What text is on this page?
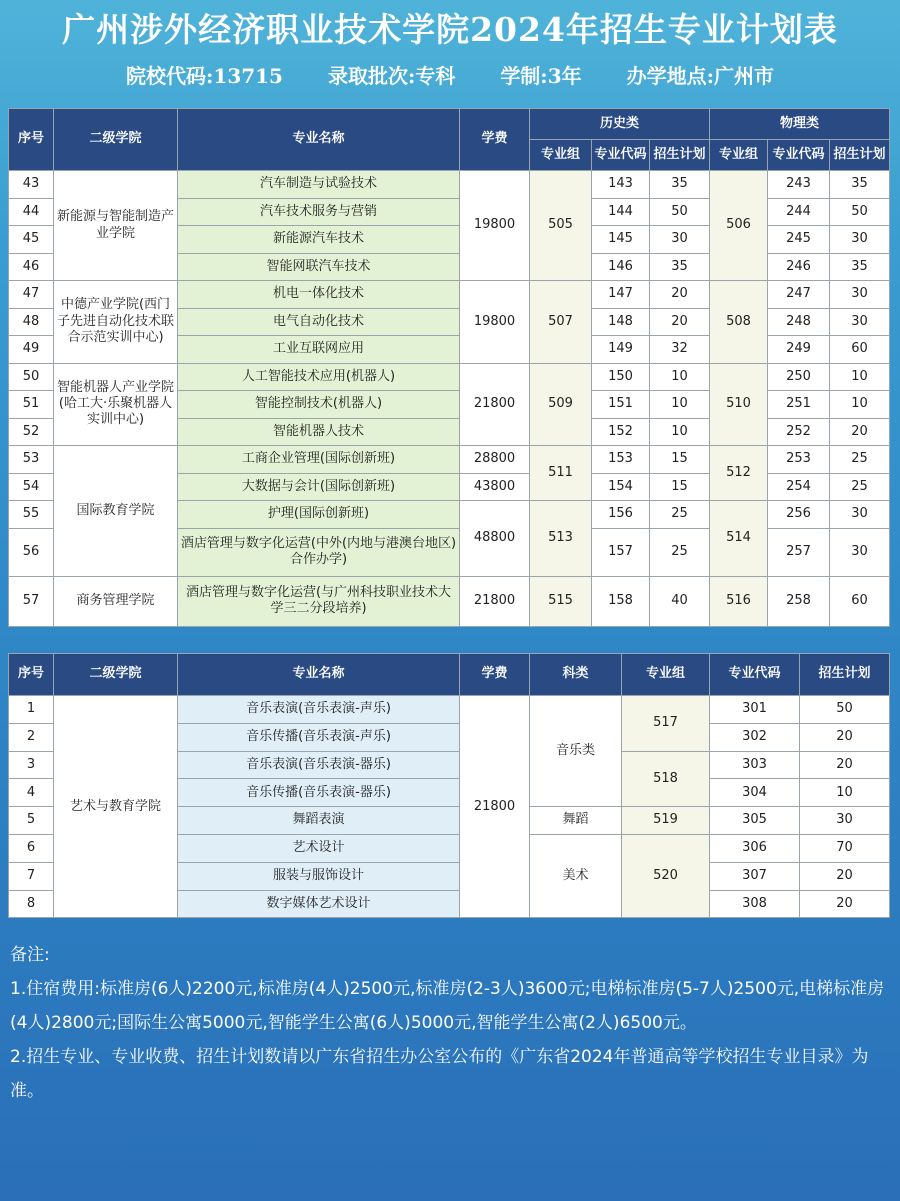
广州涉外经济职业技术学院2024年招生专业计划表
院校代码:13715 录取批次:专科 学制:3年 办学地点:广州市
序号	二级学院	专业名称	学费	历史类			物理类		
				专业组	专业代码	招生计划	专业组	专业代码	招生计划
43	新能源与智能制造产业学院	汽车制造与试验技术	19800	505	143	35	506	243	35
44		汽车技术服务与营销			144	50		244	50
45		新能源汽车技术			145	30		245	30
46		智能网联汽车技术			146	35		246	35
47	中德产业学院(西门子先进自动化技术联合示范实训中心)	机电一体化技术	19800	507	147	20	508	247	30
48		电气自动化技术			148	20		248	30
49		工业互联网应用			149	32		249	60
50	智能机器人产业学院(哈工大·乐聚机器人实训中心)	人工智能技术应用(机器人)	21800	509	150	10	510	250	10
51		智能控制技术(机器人)			151	10		251	10
52		智能机器人技术			152	10		252	20
53	国际教育学院	工商企业管理(国际创新班)	28800	511	153	15	512	253	25
54		大数据与会计(国际创新班)	43800		154	15		254	25
55		护理(国际创新班)	48800	513	156	25	514	256	30
56		酒店管理与数字化运营(中外(内地与港澳台地区)合作办学)			157	25		257	30
57	商务管理学院	酒店管理与数字化运营(与广州科技职业技术大学三二分段培养)	21800	515	158	40	516	258	60
序号	二级学院	专业名称	学费	科类	专业组	专业代码	招生计划
1	艺术与教育学院	音乐表演(音乐表演-声乐)	21800	音乐类	517	301	50
2		音乐传播(音乐表演-声乐)				302	20
3		音乐表演(音乐表演-器乐)			518	303	20
4		音乐传播(音乐表演-器乐)				304	10
5		舞蹈表演		舞蹈	519	305	30
6		艺术设计		美术	520	306	70
7		服装与服饰设计				307	20
8		数字媒体艺术设计				308	20
备注:
1.住宿费用:标准房(6人)2200元,标准房(4人)2500元,标准房(2-3人)3600元;电梯标准房(5-7人)2500元,电梯标准房(4人)2800元;国际生公寓5000元,智能学生公寓(6人)5000元,智能学生公寓(2人)6500元。
2.招生专业、专业收费、招生计划数请以广东省招生办公室公布的《广东省2024年普通高等学校招生专业目录》为准。
